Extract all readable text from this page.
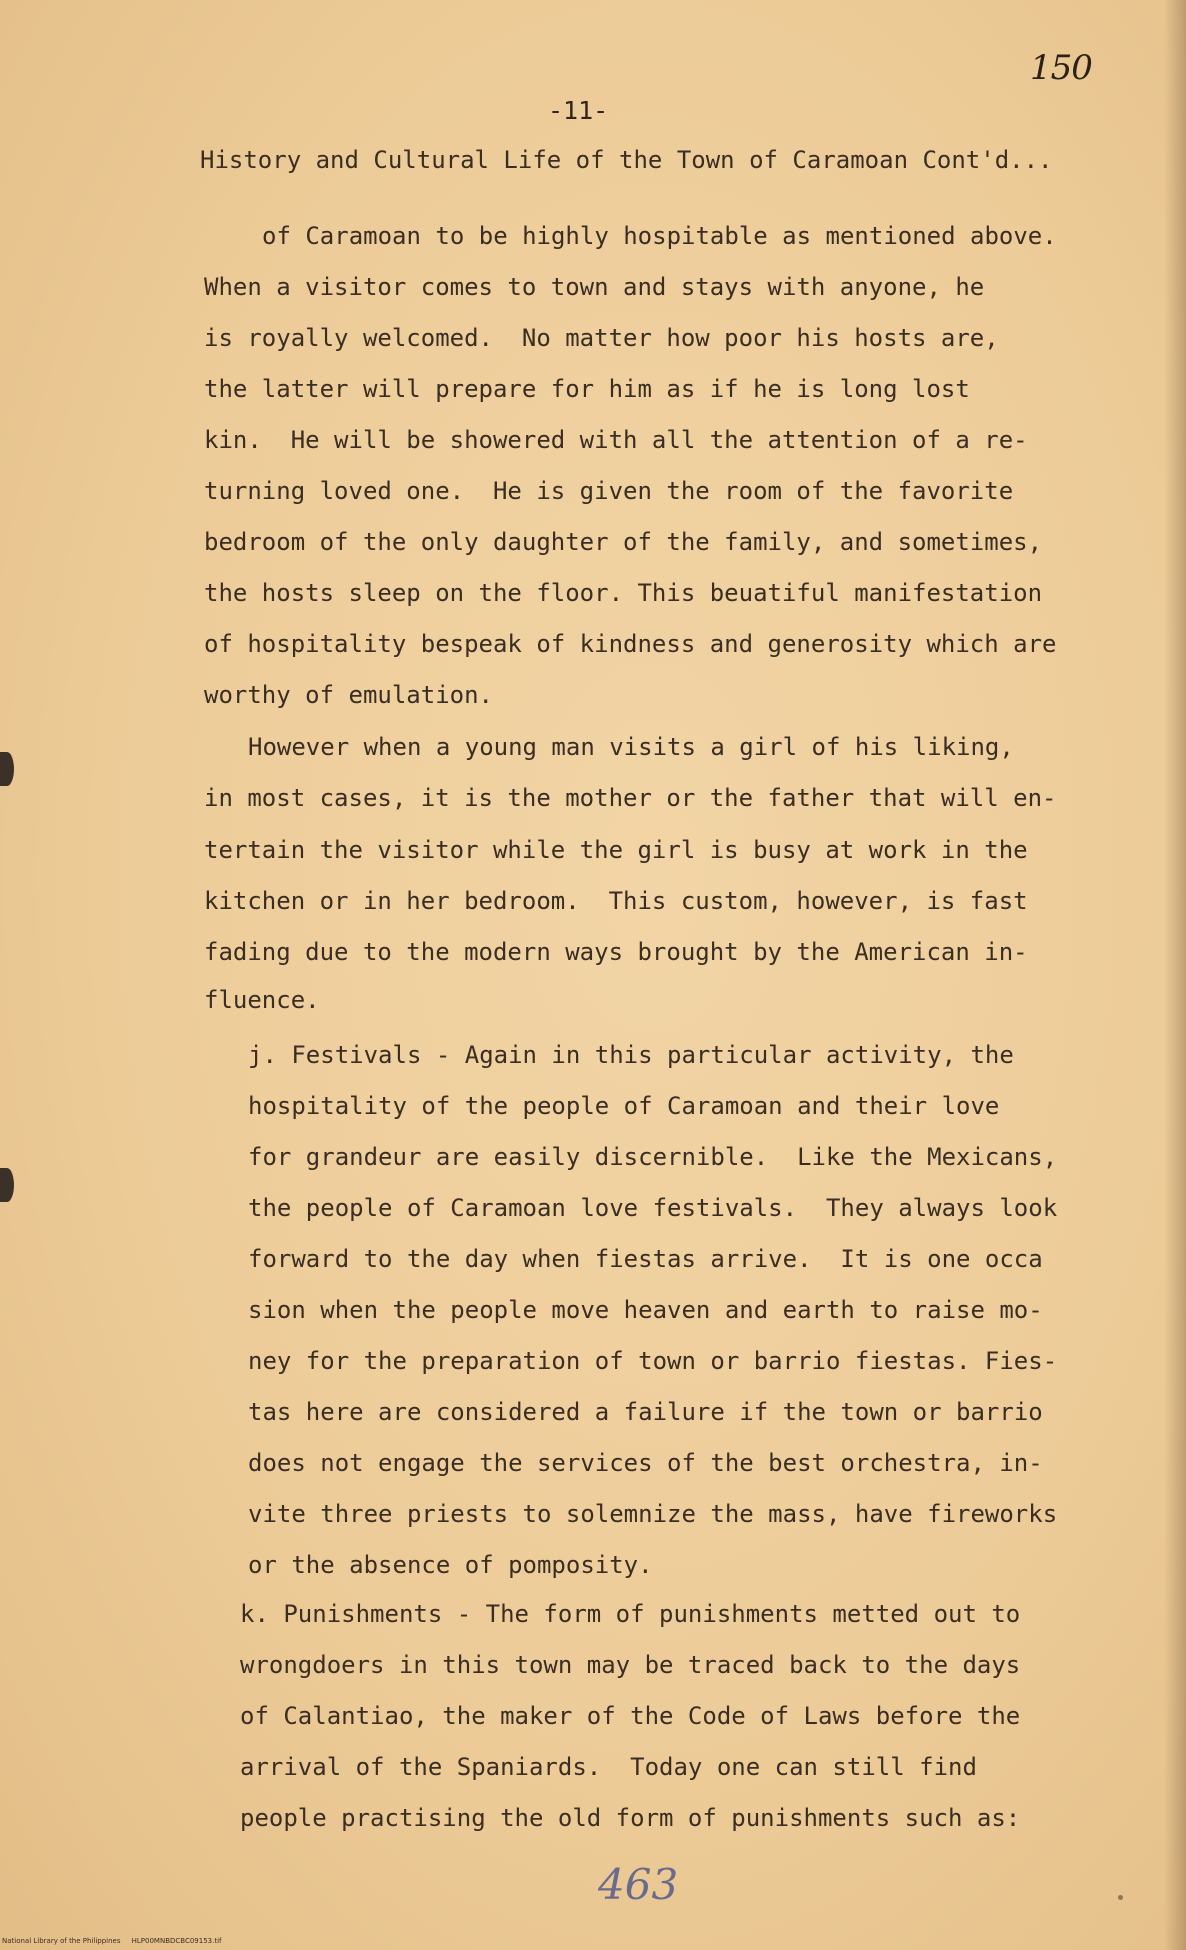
150
-11-
History and Cultural Life of the Town of Caramoan Cont'd...
of Caramoan to be highly hospitable as mentioned above.
When a visitor comes to town and stays with anyone, he
is royally welcomed.  No matter how poor his hosts are,
the latter will prepare for him as if he is long lost
kin.  He will be showered with all the attention of a re-
turning loved one.  He is given the room of the favorite
bedroom of the only daughter of the family, and sometimes,
the hosts sleep on the floor. This beuatiful manifestation
of hospitality bespeak of kindness and generosity which are
worthy of emulation.
However when a young man visits a girl of his liking,
in most cases, it is the mother or the father that will en-
tertain the visitor while the girl is busy at work in the
kitchen or in her bedroom.  This custom, however, is fast
fading due to the modern ways brought by the American in-
fluence.
j. Festivals - Again in this particular activity, the
hospitality of the people of Caramoan and their love
for grandeur are easily discernible.  Like the Mexicans,
the people of Caramoan love festivals.  They always look
forward to the day when fiestas arrive.  It is one occa
sion when the people move heaven and earth to raise mo-
ney for the preparation of town or barrio fiestas. Fies-
tas here are considered a failure if the town or barrio
does not engage the services of the best orchestra, in-
vite three priests to solemnize the mass, have fireworks
or the absence of pomposity.
k. Punishments - The form of punishments metted out to
wrongdoers in this town may be traced back to the days
of Calantiao, the maker of the Code of Laws before the
arrival of the Spaniards.  Today one can still find
people practising the old form of punishments such as:
463
National Library of the Philippines     HLP00MNBDCBC09153.tif
